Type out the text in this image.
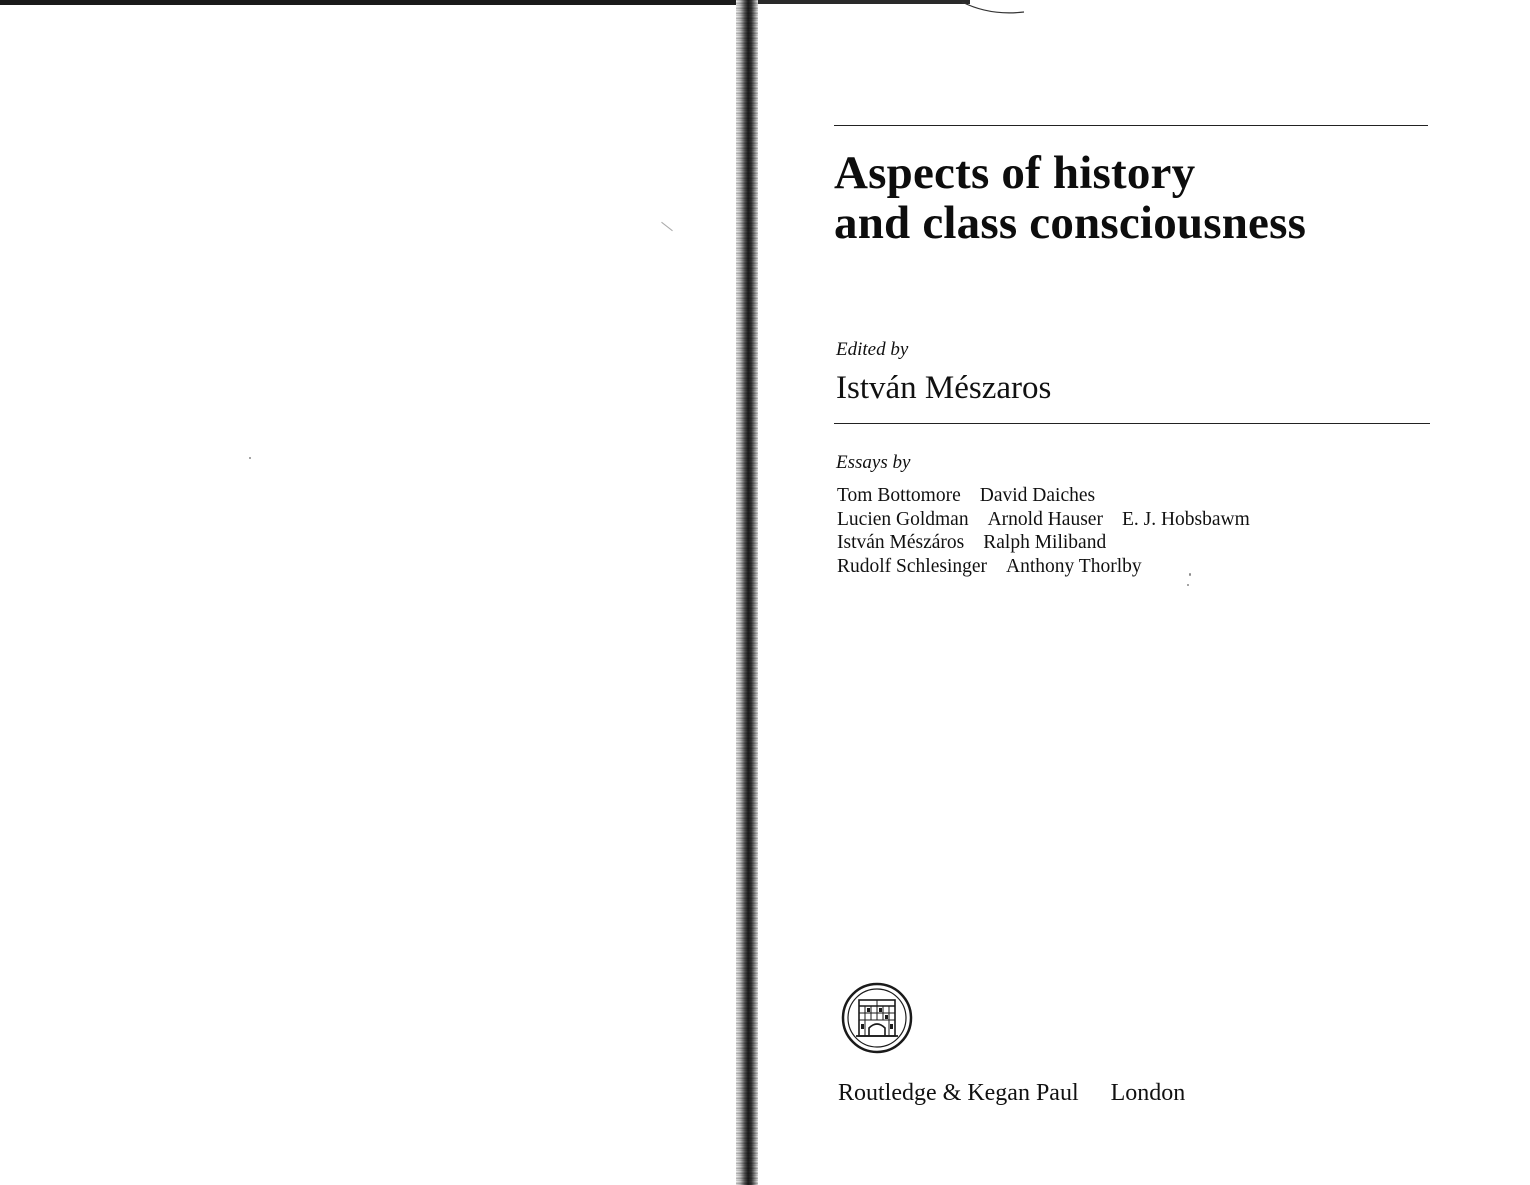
Aspects of history
and class consciousness
Edited by
István Mészaros
Essays by
Tom Bottomore David Daiches
Lucien Goldman Arnold Hauser E. J. Hobsbawm
István Mészáros Ralph Miliband
Rudolf Schlesinger Anthony Thorlby
Routledge & Kegan Paul London
